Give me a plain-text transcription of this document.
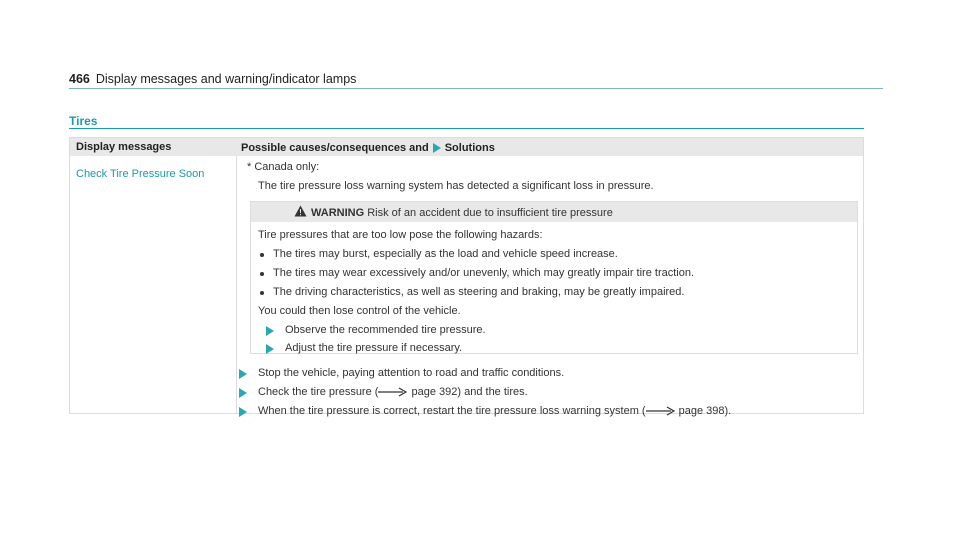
466 Display messages and warning/indicator lamps
Tires
Display messages	Possible causes/consequences and Solutions
Check Tire Pressure Soon
* Canada only:
The tire pressure loss warning system has detected a significant loss in pressure.
Stop the vehicle, paying attention to road and traffic conditions.
Check the tire pressure (	page 392) and the tires.
When the tire pressure is correct, restart the tire pressure loss warning system (	page 398).
WARNING Risk of an accident due to insufficient tire pressure
Tire pressures that are too low pose the following hazards:
The tires may burst, especially as the load and vehicle speed increase.
The tires may wear excessively and/or unevenly, which may greatly impair tire traction.
The driving characteristics, as well as steering and braking, may be greatly impaired.
You could then lose control of the vehicle.
Observe the recommended tire pressure.
Adjust the tire pressure if necessary.
